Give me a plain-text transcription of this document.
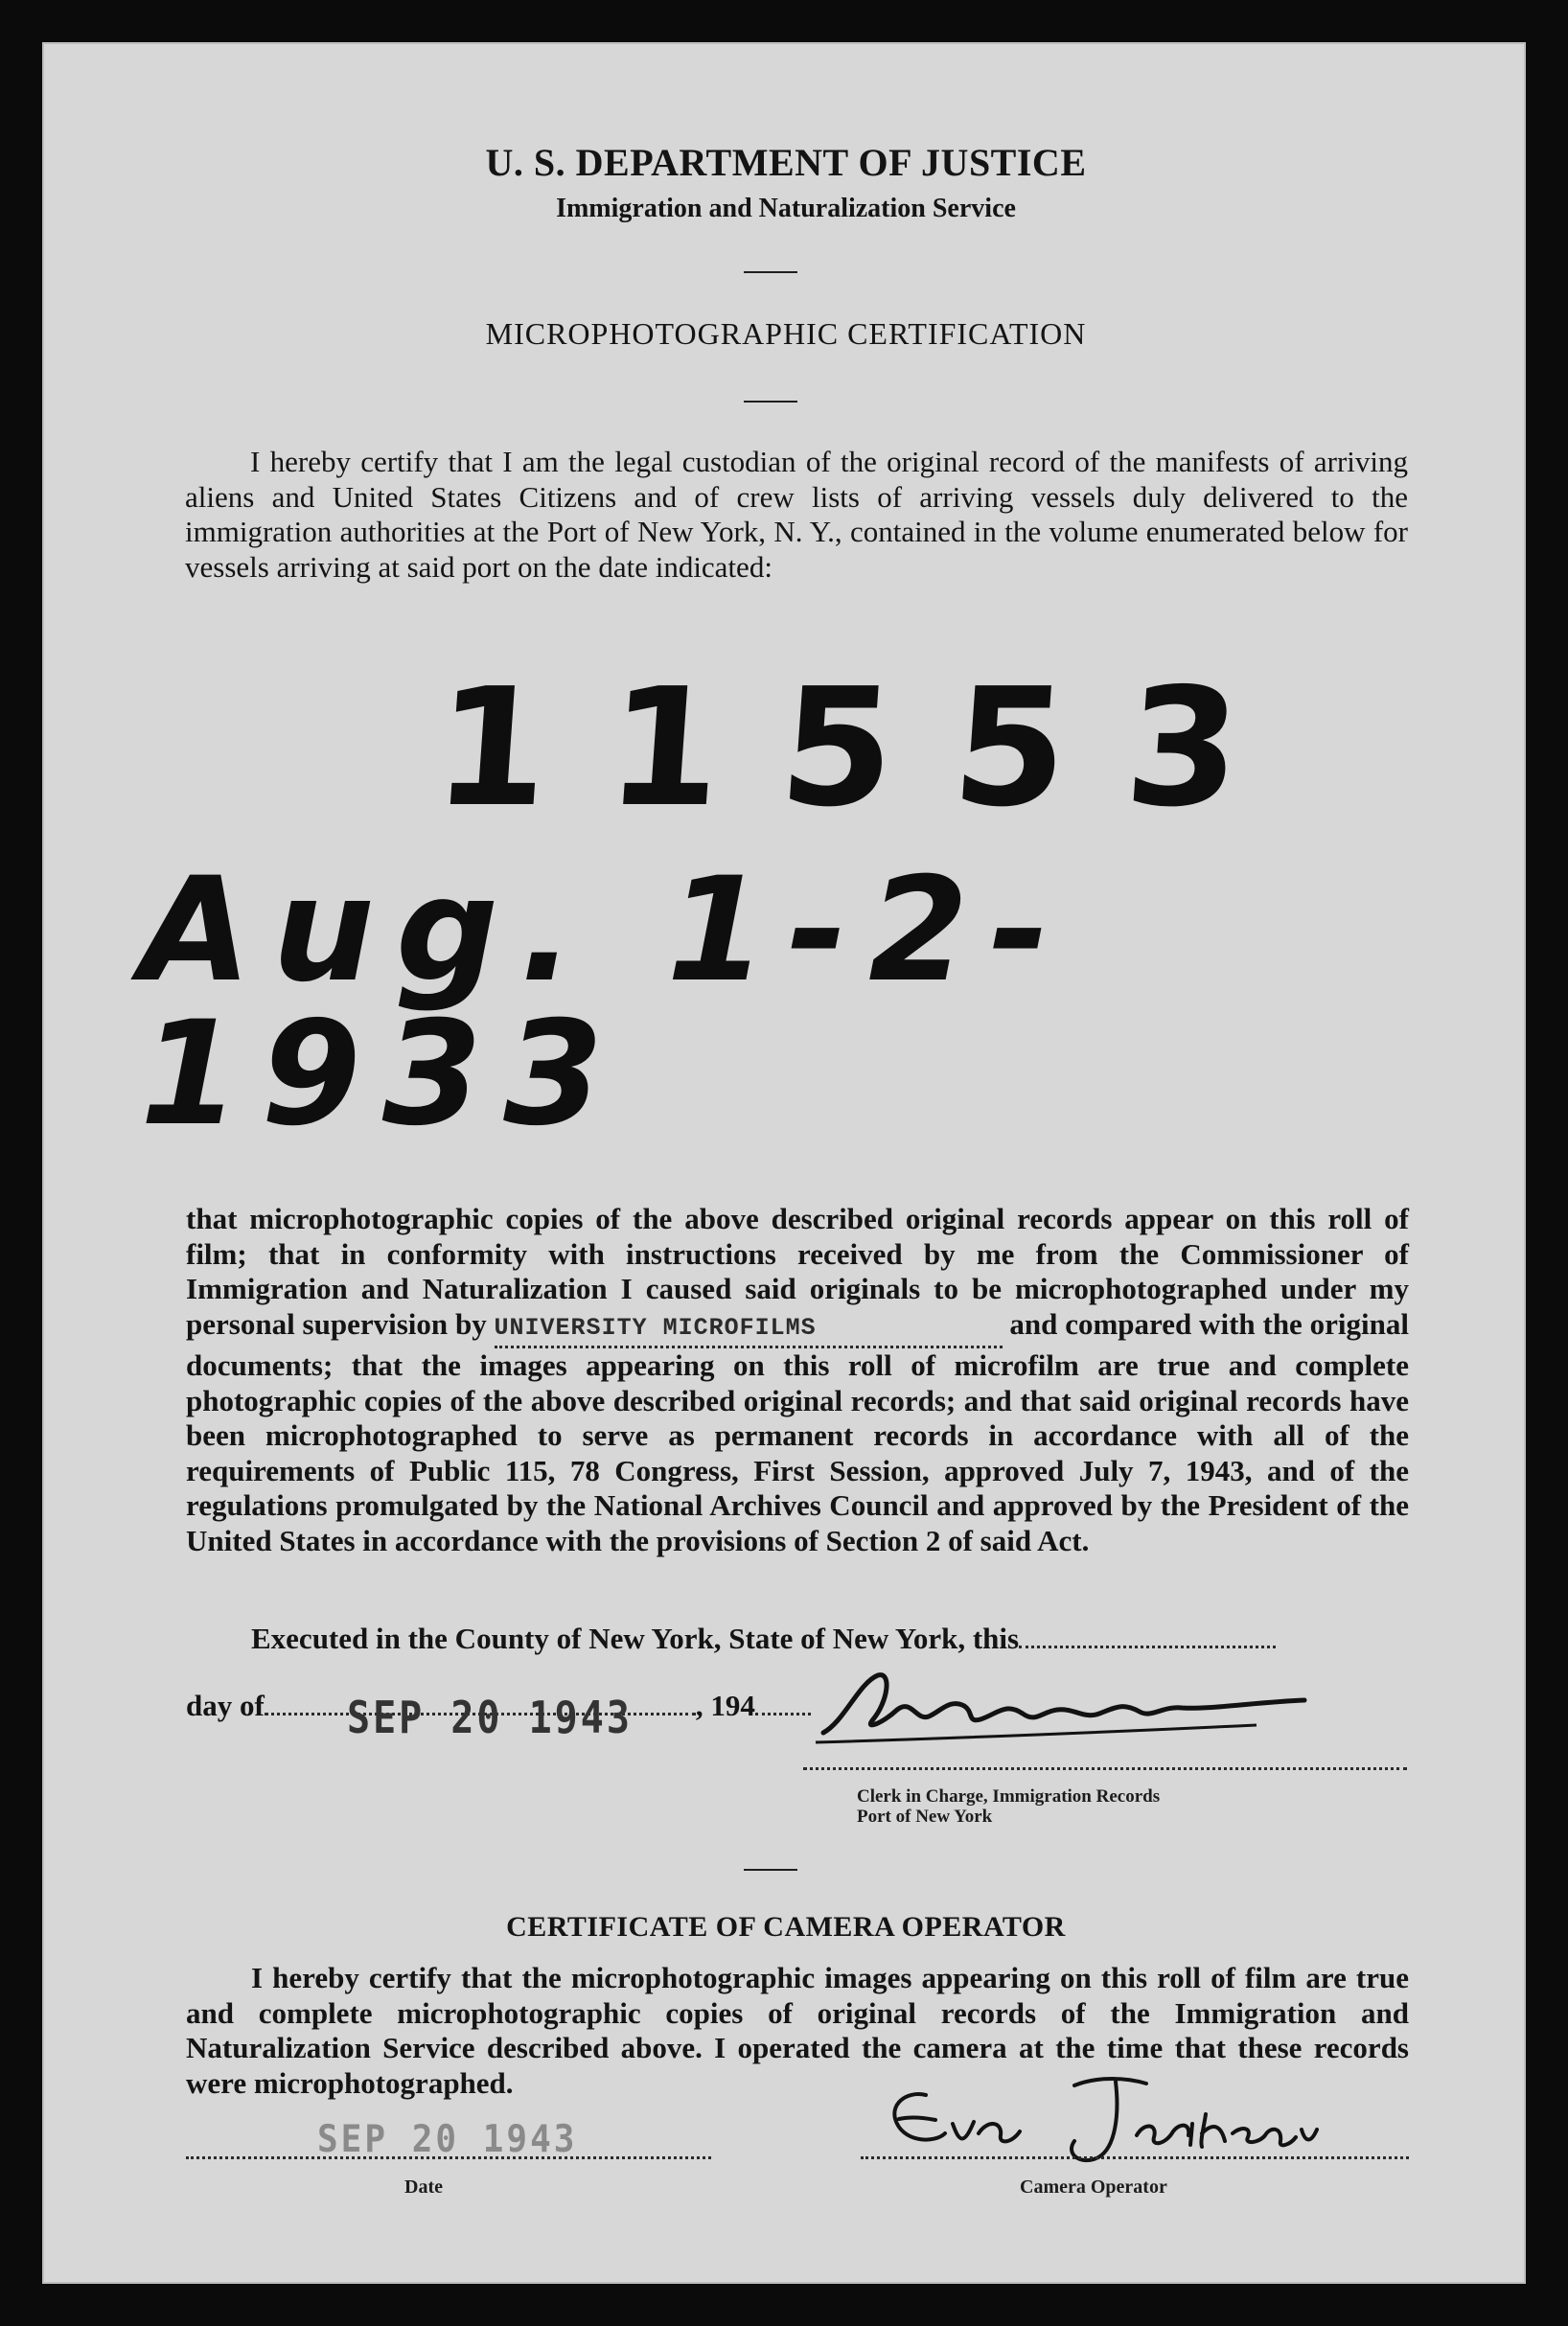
U. S. DEPARTMENT OF JUSTICE
Immigration and Naturalization Service
MICROPHOTOGRAPHIC CERTIFICATION

I hereby certify that I am the legal custodian of the original record of the manifests of arriving aliens and United States Citizens and of crew lists of arriving vessels duly delivered to the immigration authorities at the Port of New York, N. Y., contained in the volume enumerated below for vessels arriving at said port on the date indicated:

11553
Aug. 1-2-1933

that microphotographic copies of the above described original records appear on this roll of film; that in conformity with instructions received by me from the Commissioner of Immigration and Naturalization I caused said originals to be microphotographed under my personal supervision by UNIVERSITY MICROFILMS	and compared with the original documents; that the images appearing on this roll of microfilm are true and complete photographic copies of the above described original records; and that said original records have been microphotographed to serve as permanent records in accordance with all of the requirements of Public 115, 78 Congress, First Session, approved July 7, 1943, and of the regulations promulgated by the National Archives Council and approved by the President of the United States in accordance with the provisions of Section 2 of said Act.

Executed in the County of New York, State of New York, this
day of	, 194
SEP 20 1943
Clerk in Charge, Immigration Records
Port of New York
CERTIFICATE OF CAMERA OPERATOR

I hereby certify that the microphotographic images appearing on this roll of film are true and complete microphotographic copies of original records of the Immigration and Naturalization Service described above. I operated the camera at the time that these records were microphotographed.

SEP 20 1943
Date	Camera Operator
